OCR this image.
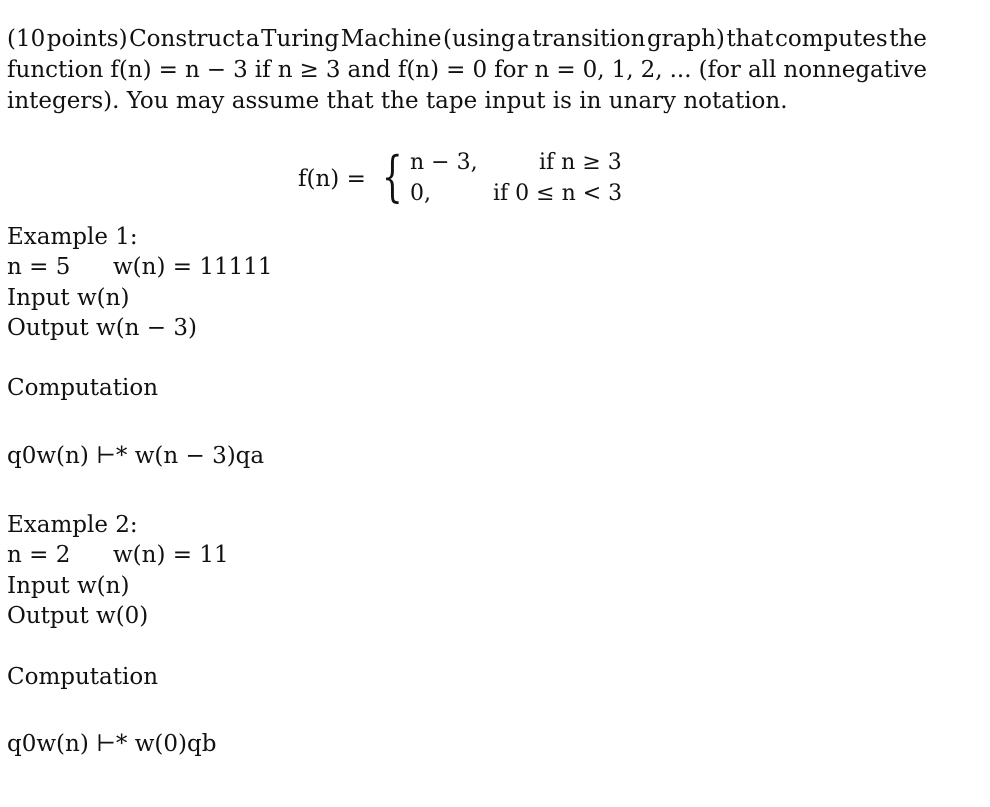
(10 points) Construct a Turing Machine (using a transition graph) that computes the
function f(n) = n − 3 if n ≥ 3 and f(n) = 0 for n = 0, 1, 2, ... (for all nonnegative
integers). You may assume that the tape input is in unary notation.
f(n) = { n − 3,	if n ≥ 3
0,	if 0 ≤ n < 3
Example 1:
n = 5 w(n) = 11111
Input w(n)
Output w(n − 3)
Computation
q0w(n) ⊢* w(n − 3)qa
Example 2:
n = 2 w(n) = 11
Input w(n)
Output w(0)
Computation
q0w(n) ⊢* w(0)qb
